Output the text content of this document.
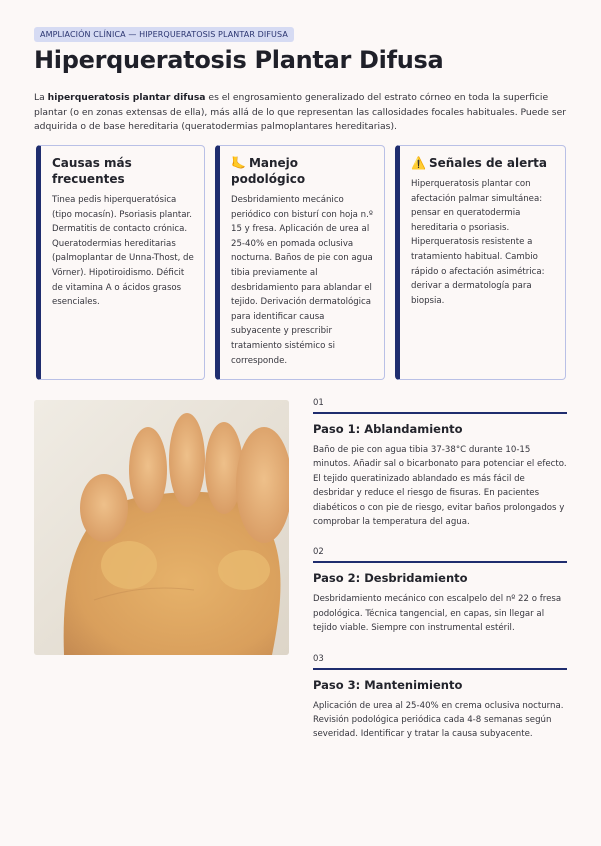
AMPLIACIÓN CLÍNICA — HIPERQUERATOSIS PLANTAR DIFUSA
Hiperqueratosis Plantar Difusa

La hiperqueratosis plantar difusa es el engrosamiento generalizado del estrato córneo en toda la superficie plantar (o en zonas extensas de ella), más allá de lo que representan las callosidades focales habituales. Puede ser adquirida o de base hereditaria (queratodermias palmoplantares hereditarias).

Causas más frecuentes

Tinea pedis hiperqueratósica (tipo mocasín). Psoriasis plantar. Dermatitis de contacto crónica. Queratodermias hereditarias (palmoplantar de Unna-Thost, de Vörner). Hipotiroidismo. Déficit de vitamina A o ácidos grasos esenciales.

🦶 Manejo podológico

Desbridamiento mecánico periódico con bisturí con hoja n.º 15 y fresa. Aplicación de urea al 25-40% en pomada oclusiva nocturna. Baños de pie con agua tibia previamente al desbridamiento para ablandar el tejido. Derivación dermatológica para identificar causa subyacente y prescribir tratamiento sistémico si corresponde.

⚠️ Señales de alerta

Hiperqueratosis plantar con afectación palmar simultánea: pensar en queratodermia hereditaria o psoriasis. Hiperqueratosis resistente a tratamiento habitual. Cambio rápido o afectación asimétrica: derivar a dermatología para biopsia.

01
Paso 1: Ablandamiento

Baño de pie con agua tibia 37-38°C durante 10-15 minutos. Añadir sal o bicarbonato para potenciar el efecto. El tejido queratinizado ablandado es más fácil de desbridar y reduce el riesgo de fisuras. En pacientes diabéticos o con pie de riesgo, evitar baños prolongados y comprobar la temperatura del agua.

02
Paso 2: Desbridamiento

Desbridamiento mecánico con escalpelo del nº 22 o fresa podológica. Técnica tangencial, en capas, sin llegar al tejido viable. Siempre con instrumental estéril.

03
Paso 3: Mantenimiento

Aplicación de urea al 25-40% en crema oclusiva nocturna. Revisión podológica periódica cada 4-8 semanas según severidad. Identificar y tratar la causa subyacente.
